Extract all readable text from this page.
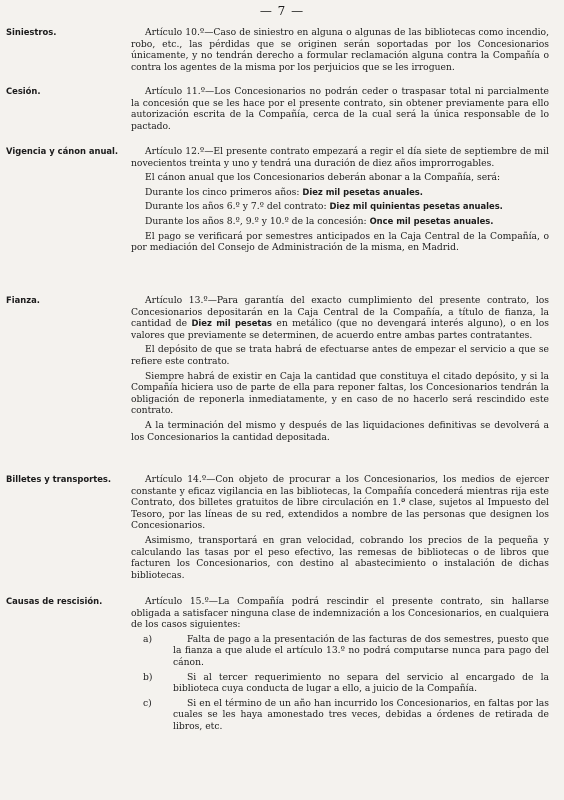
— 7 —
Siniestros.	Artículo 10.º—Caso de siniestro en alguna o algunas de las bibliotecas como incendio, robo, etc., las pérdidas que se originen serán soportadas por los Concesionarios únicamente, y no tendrán derecho a formular reclamación alguna contra la Compañía o contra los agentes de la misma por los perjuicios que se les irroguen.

Cesión.	Artículo 11.º—Los Concesionarios no podrán ceder o traspasar total ni parcialmente la concesión que se les hace por el presente contrato, sin obtener previamente para ello autorización escrita de la Compañía, cerca de la cual será la única responsable de lo pactado.

Vigencia y cánon anual.	Artículo 12.º—El presente contrato empezará a regir el día siete de septiembre de mil novecientos treinta y uno y tendrá una duración de diez años improrrogables.

El cánon anual que los Concesionarios deberán abonar a la Compañía, será:

Durante los cinco primeros años: Diez mil pesetas anuales.

Durante los años 6.º y 7.º del contrato: Diez mil quinientas pesetas anuales.

Durante los años 8.º, 9.º y 10.º de la concesión: Once mil pesetas anuales.

El pago se verificará por semestres anticipados en la Caja Central de la Compañía, o por mediación del Consejo de Administración de la misma, en Madrid.

Fianza.	Artículo 13.º—Para garantía del exacto cumplimiento del presente contrato, los Concesionarios depositarán en la Caja Central de la Compañía, a título de fianza, la cantidad de Diez mil pesetas en metálico (que no devengará interés alguno), o en los valores que previamente se determinen, de acuerdo entre ambas partes contratantes.

El depósito de que se trata habrá de efectuarse antes de empezar el servicio a que se refiere este contrato.

Siempre habrá de existir en Caja la cantidad que constituya el citado depósito, y si la Compañía hiciera uso de parte de ella para reponer faltas, los Concesionarios tendrán la obligación de reponerla inmediatamente, y en caso de no hacerlo será rescindido este contrato.

A la terminación del mismo y después de las liquidaciones definitivas se devolverá a los Concesionarios la cantidad depositada.

Billetes y transportes.	Artículo 14.º—Con objeto de procurar a los Concesionarios, los medios de ejercer constante y eficaz vigilancia en las bibliotecas, la Compañía concederá mientras rija este Contrato, dos billetes gratuitos de libre circulación en 1.ª clase, sujetos al Impuesto del Tesoro, por las líneas de su red, extendidos a nombre de las personas que designen los Concesionarios.

Asimismo, transportará en gran velocidad, cobrando los precios de la pequeña y calculando las tasas por el peso efectivo, las remesas de bibliotecas o de libros que facturen los Concesionarios, con destino al abastecimiento o instalación de dichas bibliotecas.

Causas de rescisión.	Artículo 15.º—La Compañía podrá rescindir el presente contrato, sin hallarse obligada a satisfacer ninguna clase de indemnización a los Concesionarios, en cualquiera de los casos siguientes:

a)	Falta de pago a la presentación de las facturas de dos semestres, puesto que la fianza a que alude el artículo 13.º no podrá computarse nunca para pago del cánon.

b)	Si al tercer requerimiento no separa del servicio al encargado de la biblioteca cuya conducta de lugar a ello, a juicio de la Compañía.

c)	Si en el término de un año han incurrido los Concesionarios, en faltas por las cuales se les haya amonestado tres veces, debidas a órdenes de retirada de libros, etc.
